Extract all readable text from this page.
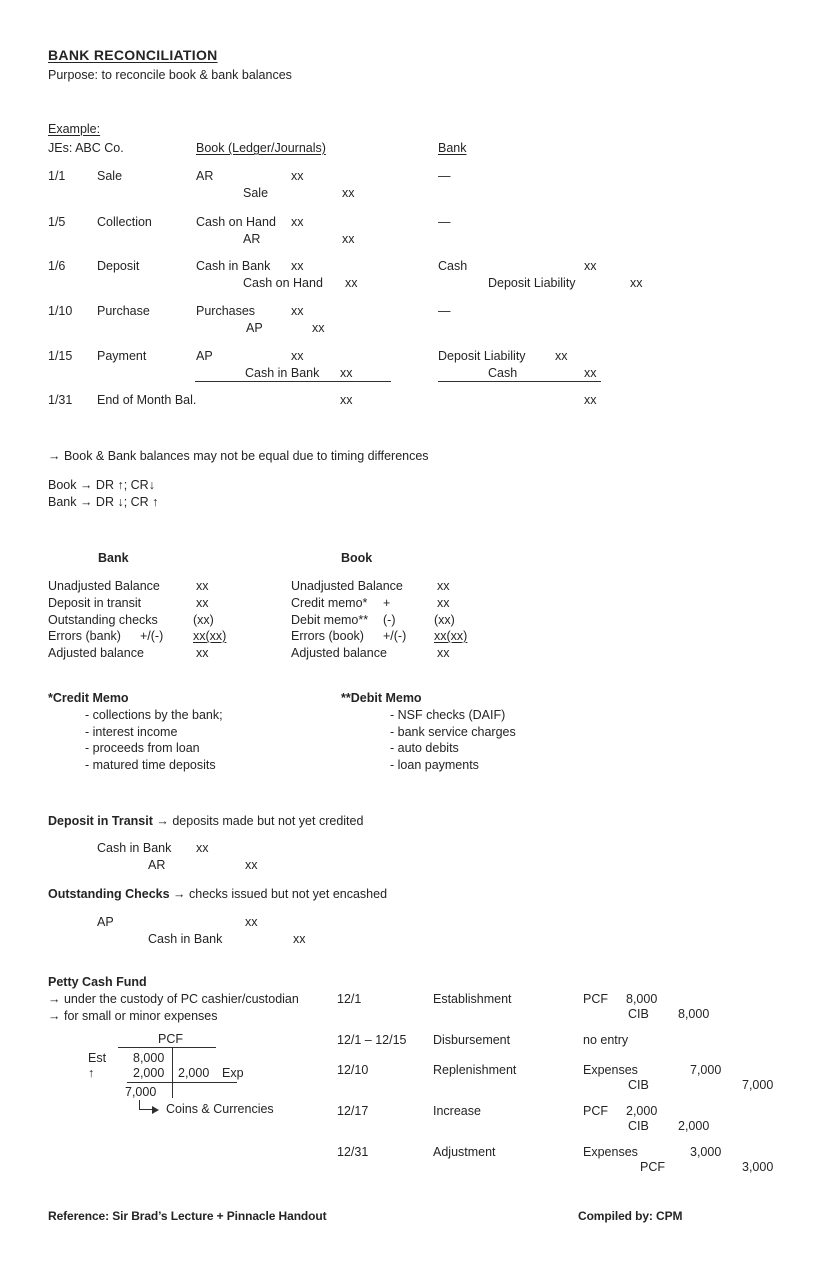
BANK RECONCILIATION
Purpose: to reconcile book & bank balances
Example:
JEs: ABC Co.	Book (Ledger/Journals)	Bank
1/1	Sale	AR	xx	—
Sale	xx
1/5	Collection	Cash on Hand xx	—
AR	xx
1/6	Deposit	Cash in Bank xx	Cash	xx
Cash on Hand xx	Deposit Liability	xx
1/10 Purchase	Purchases	xx	—
AP	xx
1/15 Payment	AP	xx	Deposit Liability xx
Cash in Bank xx	Cash	xx
1/31 End of Month Bal.	xx	xx
→ Book & Bank balances may not be equal due to timing differences
Book → DR ↑; CR↓
Bank → DR ↓; CR ↑
Bank
Unadjusted Balance	xx
Deposit in transit	xx
Outstanding checks	(xx)
Errors (bank) +/(-) xx(xx)
Adjusted balance	xx
Book
Unadjusted Balance	xx
Credit memo* +	xx
Debit memo** (-)	(xx)
Errors (book) +/(-) xx(xx)
Adjusted balance	xx
*Credit Memo
- collections by the bank;
- interest income
- proceeds from loan
- matured time deposits
**Debit Memo
- NSF checks (DAIF)
- bank service charges
- auto debits
- loan payments
Deposit in Transit → deposits made but not yet credited
Cash in Bank xx
AR	xx
Outstanding Checks → checks issued but not yet encashed
AP	xx
Cash in Bank	xx
Petty Cash Fund
→ under the custody of PC cashier/custodian
→ for small or minor expenses
PCF
Est 8,000
↑	2,000 2,000 Exp
7,000
Coins & Currencies
12/1	Establishment	PCF 8,000
CIB 8,000
12/1 – 12/15 Disbursement	no entry
12/10	Replenishment	Expenses	7,000
CIB	7,000
12/17	Increase	PCF 2,000
CIB 2,000
12/31	Adjustment	Expenses	3,000
PCF	3,000
Reference: Sir Brad’s Lecture + Pinnacle Handout	Compiled by: CPM
